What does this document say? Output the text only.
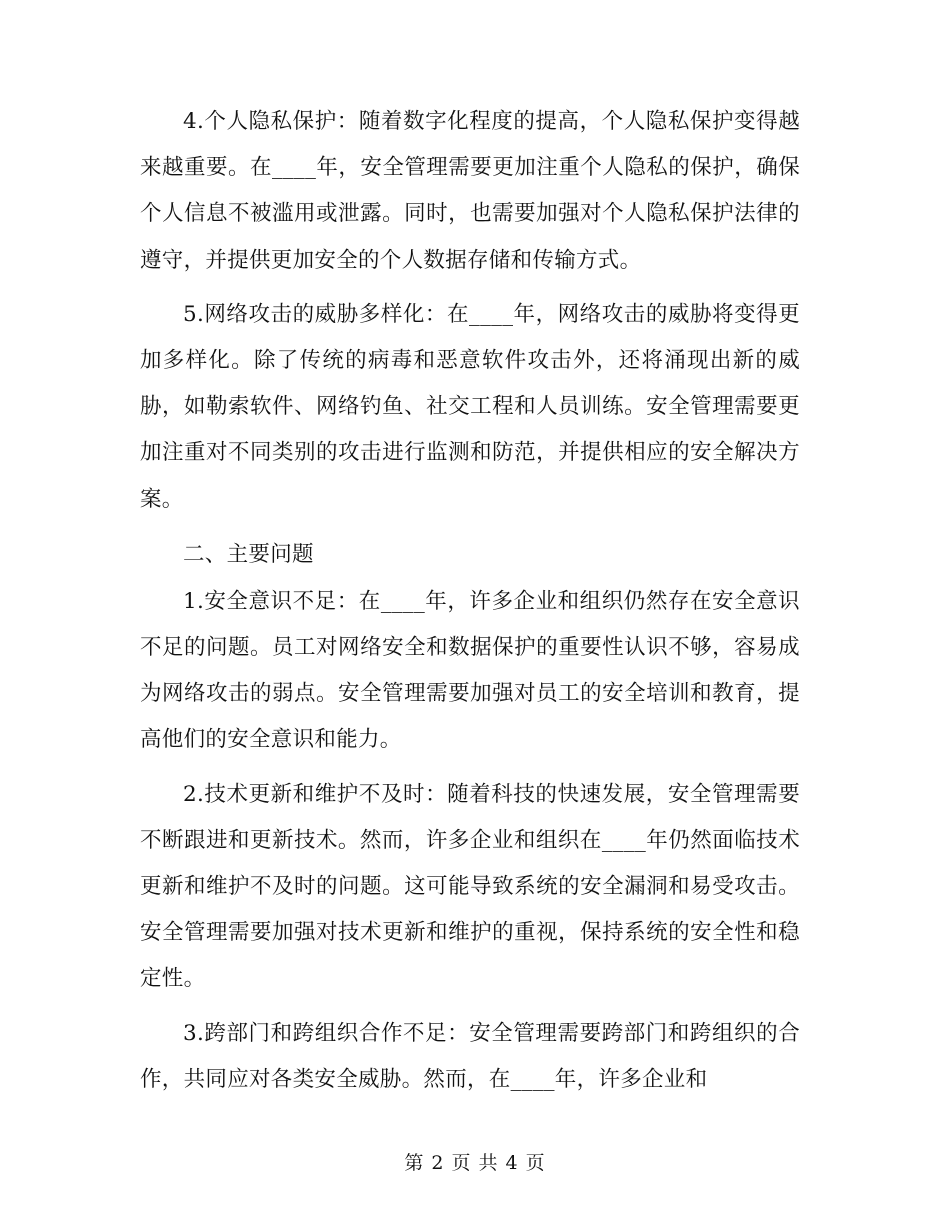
4.个人隐私保护：随着数字化程度的提高，个人隐私保护变得越来越重要。在____年，安全管理需要更加注重个人隐私的保护，确保个人信息不被滥用或泄露。同时，也需要加强对个人隐私保护法律的遵守，并提供更加安全的个人数据存储和传输方式。

5.网络攻击的威胁多样化：在____年，网络攻击的威胁将变得更加多样化。除了传统的病毒和恶意软件攻击外，还将涌现出新的威胁，如勒索软件、网络钓鱼、社交工程和人员训练。安全管理需要更加注重对不同类别的攻击进行监测和防范，并提供相应的安全解决方案。

二、主要问题

1.安全意识不足：在____年，许多企业和组织仍然存在安全意识不足的问题。员工对网络安全和数据保护的重要性认识不够，容易成为网络攻击的弱点。安全管理需要加强对员工的安全培训和教育，提高他们的安全意识和能力。

2.技术更新和维护不及时：随着科技的快速发展，安全管理需要不断跟进和更新技术。然而，许多企业和组织在____年仍然面临技术更新和维护不及时的问题。这可能导致系统的安全漏洞和易受攻击。安全管理需要加强对技术更新和维护的重视，保持系统的安全性和稳定性。

3.跨部门和跨组织合作不足：安全管理需要跨部门和跨组织的合作，共同应对各类安全威胁。然而，在____年，许多企业和

第 2 页 共 4 页
